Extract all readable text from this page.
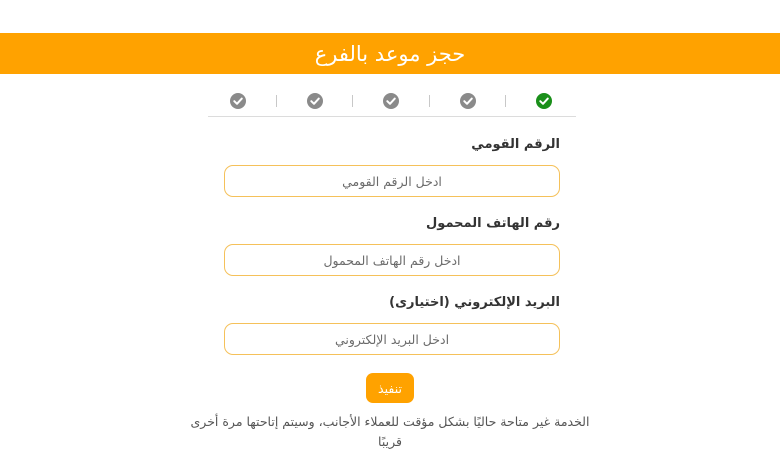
حجز موعد بالفرع
الرقم القومي
ادخل الرقم القومي
رقم الهاتف المحمول
ادخل رقم الهاتف المحمول
البريد الإلكتروني (اختيارى)
ادخل البريد الإلكتروني
تنفيذ
الخدمة غير متاحة حاليًا بشكل مؤقت للعملاء الأجانب، وسيتم إتاحتها مرة أخرى قريبًا
